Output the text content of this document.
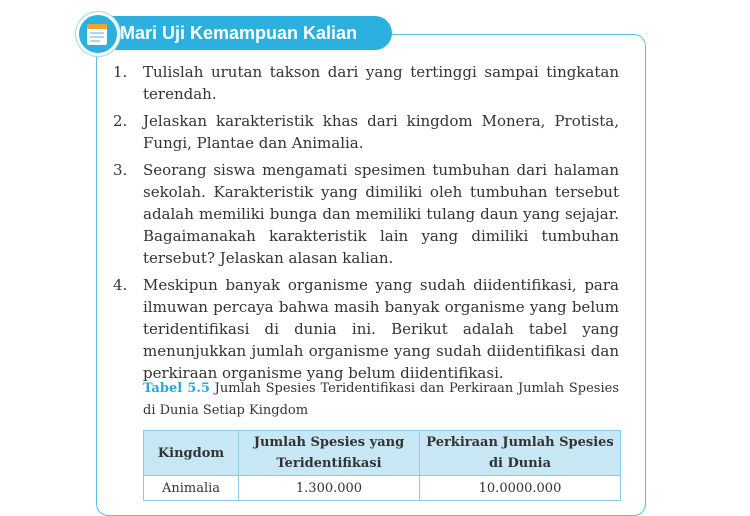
Mari Uji Kemampuan Kalian
1.	Tulislah urutan takson dari yang tertinggi sampai tingkatan terendah.
2.	Jelaskan karakteristik khas dari kingdom Monera, Protista, Fungi, Plantae dan Animalia.
3.	Seorang siswa mengamati spesimen tumbuhan dari halaman sekolah. Karakteristik yang dimiliki oleh tumbuhan tersebut adalah memiliki bunga dan memiliki tulang daun yang sejajar. Bagaimanakah karakteristik lain yang dimiliki tumbuhan tersebut? Jelaskan alasan kalian.
4.	Meskipun banyak organisme yang sudah diidentifikasi, para ilmuwan percaya bahwa masih banyak organisme yang belum teridentifikasi di dunia ini. Berikut adalah tabel yang menunjukkan jumlah organisme yang sudah diidentifikasi dan perkiraan organisme yang belum diidentifikasi.
Tabel 5.5 Jumlah Spesies Teridentifikasi dan Perkiraan Jumlah Spesies di Dunia Setiap Kingdom
Kingdom	Jumlah Spesies yang Teridentifikasi	Perkiraan Jumlah Spesies di Dunia
Animalia	1.300.000	10.0000.000
